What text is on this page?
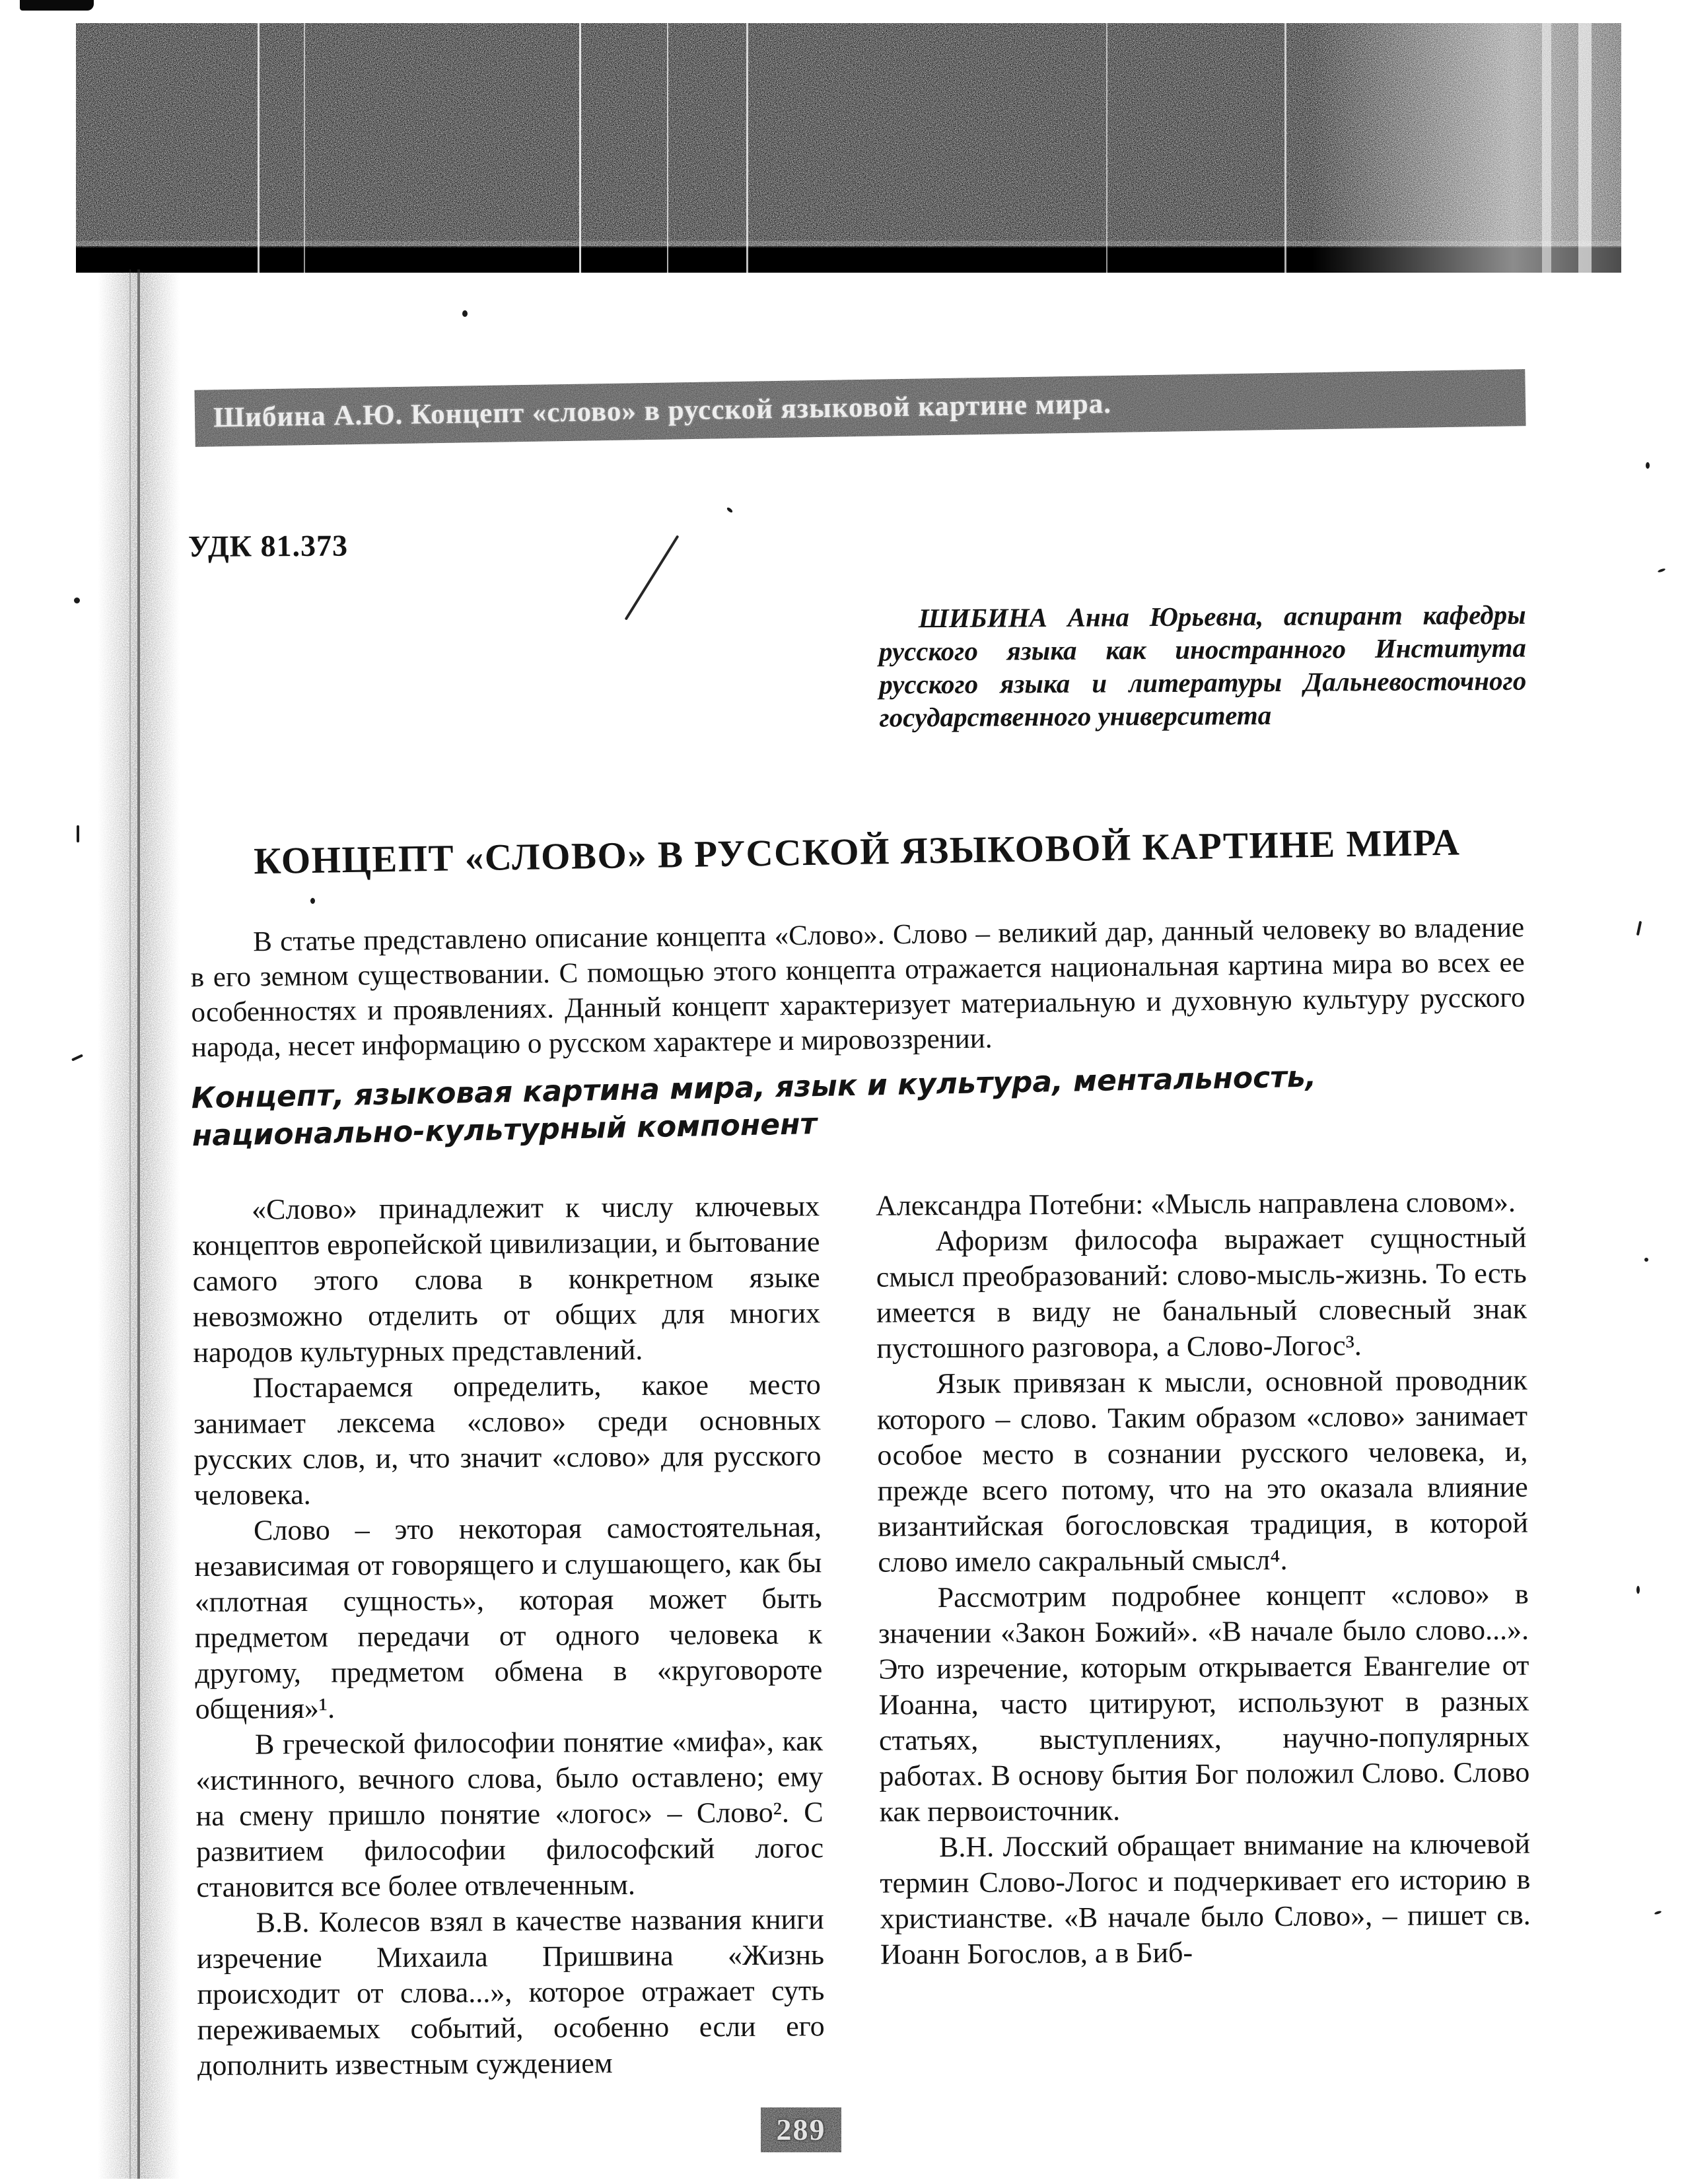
Шибина А.Ю. Концепт «слово» в русской языковой картине мира.
УДК 81.373
ШИБИНА Анна Юрьевна, аспирант кафедры русского языка как иностранного Института русского языка и литературы Дальневосточного государственного университета
КОНЦЕПТ «СЛОВО» В РУССКОЙ ЯЗЫКОВОЙ КАРТИНЕ МИРА

В статье представлено описание концепта «Слово». Слово – великий дар, данный человеку во владение в его земном существовании. С помощью этого концепта отражается национальная картина мира во всех ее особенностях и проявлениях. Данный концепт характеризует материальную и духовную культуру русского народа, несет информацию о русском характере и мировоззрении.

Концепт, языковая картина мира, язык и культура, ментальность, национально-культурный компонент

«Слово» принадлежит к числу ключевых концептов европейской цивилизации, и бытование самого этого слова в конкретном языке невозможно отделить от общих для многих народов культурных представлений.

Постараемся определить, какое место занимает лексема «слово» среди основных русских слов, и, что значит «слово» для русского человека.

Слово – это некоторая самостоятельная, независимая от говорящего и слушающего, как бы «плотная сущность», которая может быть предметом передачи от одного человека к другому, предметом обмена в «круговороте общения»¹.

В греческой философии понятие «мифа», как «истинного, вечного слова, было оставлено; ему на смену пришло понятие «логос» – Слово². С развитием философии философский логос становится все более отвлеченным.

В.В. Колесов взял в качестве названия книги изречение Михаила Пришвина «Жизнь происходит от слова...», которое отражает суть переживаемых событий, особенно если его дополнить известным суждением

Александра Потебни: «Мысль направлена словом».

Афоризм философа выражает сущностный смысл преобразований: слово-мысль-жизнь. То есть имеется в виду не банальный словесный знак пустошного разговора, а Слово-Логос³.

Язык привязан к мысли, основной проводник которого – слово. Таким образом «слово» занимает особое место в сознании русского человека, и, прежде всего потому, что на это оказала влияние византийская богословская традиция, в которой слово имело сакральный смысл⁴.

Рассмотрим подробнее концепт «слово» в значении «Закон Божий». «В начале было слово...». Это изречение, которым открывается Евангелие от Иоанна, часто цитируют, используют в разных статьях, выступлениях, научно-популярных работах. В основу бытия Бог положил Слово. Слово как первоисточник.

В.Н. Лосский обращает внимание на ключевой термин Слово-Логос и подчеркивает его историю в христианстве. «В начале было Слово», – пишет св. Иоанн Богослов, а в Биб-

289
